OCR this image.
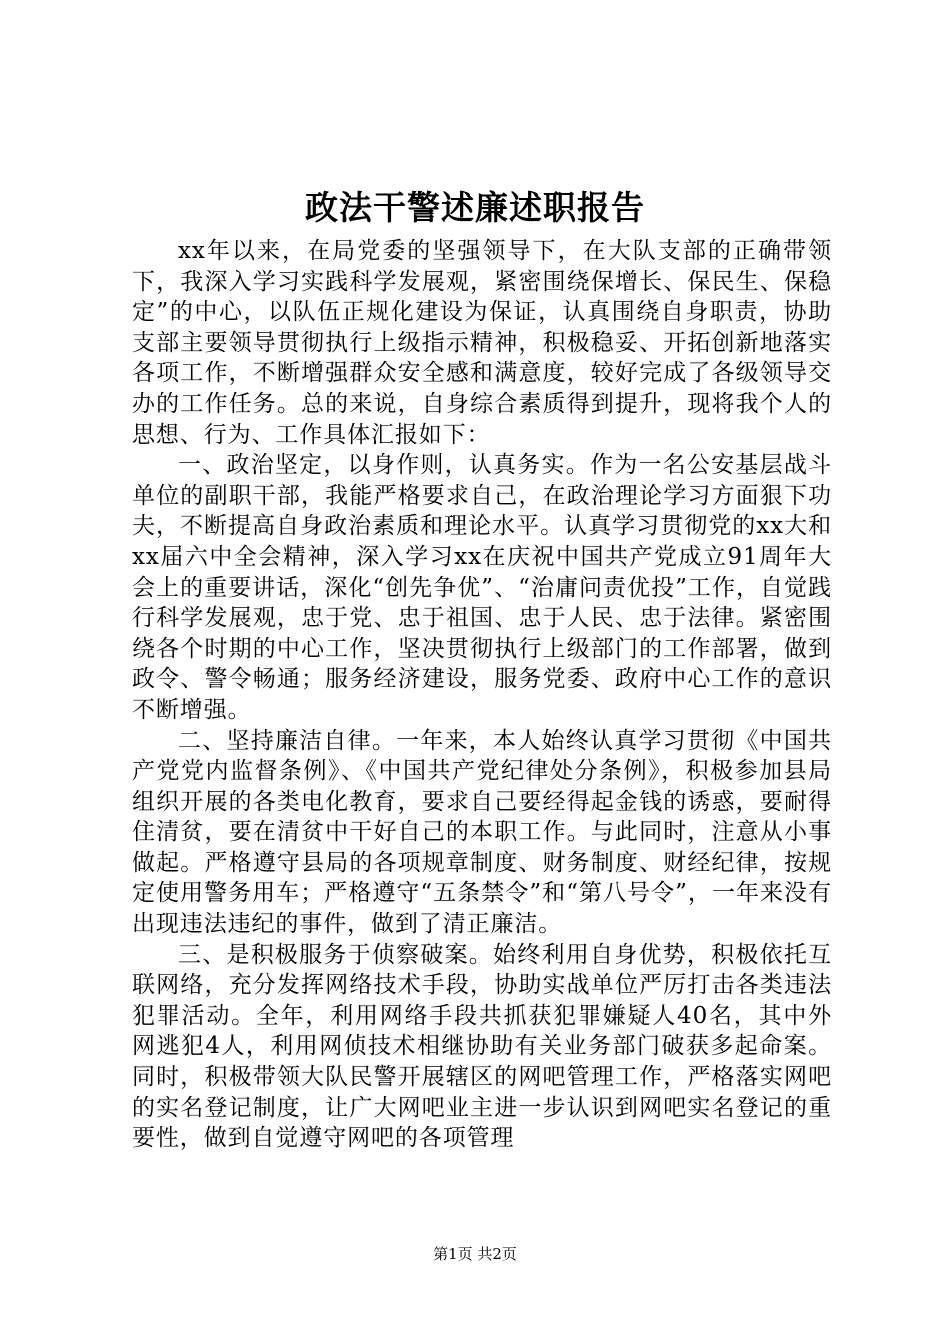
政法干警述廉述职报告

xx年以来，在局党委的坚强领导下，在大队支部的正确带领下，我深入学习实践科学发展观，紧密围绕保增长、保民生、保稳定”的中心，以队伍正规化建设为保证，认真围绕自身职责，协助支部主要领导贯彻执行上级指示精神，积极稳妥、开拓创新地落实各项工作，不断增强群众安全感和满意度，较好完成了各级领导交办的工作任务。总的来说，自身综合素质得到提升，现将我个人的思想、行为、工作具体汇报如下：

一、政治坚定，以身作则，认真务实。作为一名公安基层战斗单位的副职干部，我能严格要求自己，在政治理论学习方面狠下功夫，不断提高自身政治素质和理论水平。认真学习贯彻党的xx大和xx届六中全会精神，深入学习xx在庆祝中国共产党成立91周年大会上的重要讲话，深化“创先争优”、“治庸问责优投”工作，自觉践行科学发展观，忠于党、忠于祖国、忠于人民、忠于法律。紧密围绕各个时期的中心工作，坚决贯彻执行上级部门的工作部署，做到政令、警令畅通；服务经济建设，服务党委、政府中心工作的意识不断增强。

二、坚持廉洁自律。一年来，本人始终认真学习贯彻《中国共产党党内监督条例》、《中国共产党纪律处分条例》，积极参加县局组织开展的各类电化教育，要求自己要经得起金钱的诱惑，要耐得住清贫，要在清贫中干好自己的本职工作。与此同时，注意从小事做起。严格遵守县局的各项规章制度、财务制度、财经纪律，按规定使用警务用车；严格遵守“五条禁令”和“第八号令”，一年来没有出现违法违纪的事件，做到了清正廉洁。

三、是积极服务于侦察破案。始终利用自身优势，积极依托互联网络，充分发挥网络技术手段，协助实战单位严厉打击各类违法犯罪活动。全年，利用网络手段共抓获犯罪嫌疑人40名，其中外网逃犯4人，利用网侦技术相继协助有关业务部门破获多起命案。同时，积极带领大队民警开展辖区的网吧管理工作，严格落实网吧的实名登记制度，让广大网吧业主进一步认识到网吧实名登记的重要性，做到自觉遵守网吧的各项管理

第1页 共2页
